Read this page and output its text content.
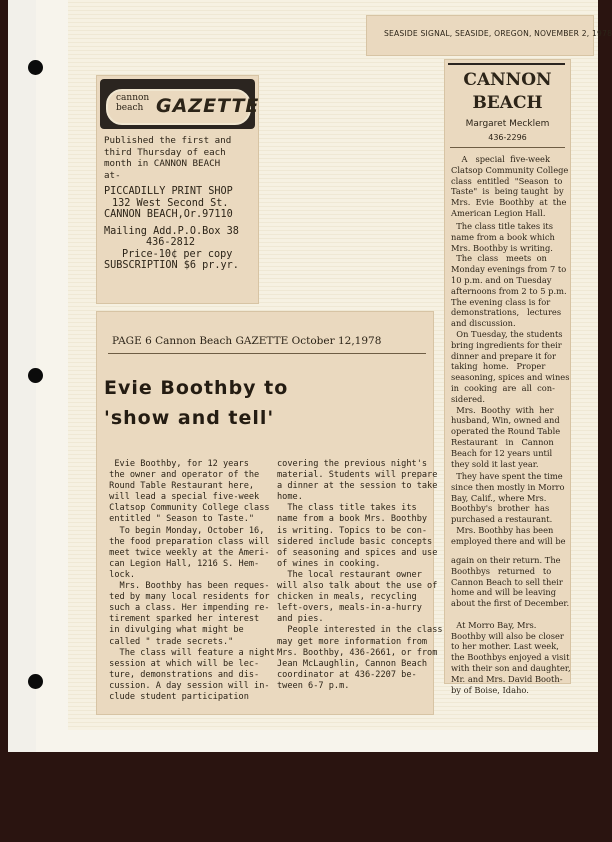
cannon
beach GAZETTE
Published the first and
third Thursday of each
month in CANNON BEACH
at-
PICCADILLY PRINT SHOP
132 West Second St.
CANNON BEACH,Or.97110
Mailing Add.P.O.Box 38
436-2812
Price-10¢ per copy
SUBSCRIPTION $6 pr.yr.
PAGE 6 Cannon Beach GAZETTE October 12,1978
Evie Boothby to
'show and tell'
Evie Boothby, for 12 years
the owner and operator of the
Round Table Restaurant here,
will lead a special five-week
Clatsop Community College class
entitled " Season to Taste."
To begin Monday, October 16,
the food preparation class will
meet twice weekly at the Ameri-
can Legion Hall, 1216 S. Hem-
lock.
Mrs. Boothby has been reques-
ted by many local residents for
such a class. Her impending re-
tirement sparked her interest
in divulging what might be
called " trade secrets."
The class will feature a night
session at which will be lec-
ture, demonstrations and dis-
cussion. A day session will in-
clude student participation
covering the previous night's
material. Students will prepare
a dinner at the session to take
home.
The class title takes its
name from a book Mrs. Boothby
is writing. Topics to be con-
sidered include basic concepts
of seasoning and spices and use
of wines in cooking.
The local restaurant owner
will also talk about the use of
chicken in meals, recycling
left-overs, meals-in-a-hurry
and pies.
People interested in the class
may get more information from
Mrs. Boothby, 436-2661, or from
Jean McLaughlin, Cannon Beach
coordinator at 436-2207 be-
tween 6-7 p.m.
SEASIDE SIGNAL, SEASIDE, OREGON, NOVEMBER 2, 1978
CANNON
BEACH
Margaret Mecklem
436-2296
A   special  five-week
Clatsop Community College
class  entitled  "Season  to
Taste"  is  being taught  by
Mrs.  Evie  Boothby  at  the
American Legion Hall.
The class title takes its
name from a book which
Mrs. Boothby is writing.
The  class   meets  on
Monday evenings from 7 to
10 p.m. and on Tuesday
afternoons from 2 to 5 p.m.
The evening class is for
demonstrations,   lectures
and discussion.
On Tuesday, the students
bring ingredients for their
dinner and prepare it for
taking  home.   Proper
seasoning, spices and wines
in  cooking  are  all  con-
sidered.
Mrs.  Boothy  with  her
husband, Win, owned and
operated the Round Table
Restaurant   in   Cannon
Beach for 12 years until
they sold it last year.
They have spent the time
since then mostly in Morro
Bay, Calif., where Mrs.
Boothby's  brother  has
purchased a restaurant.
Mrs. Boothby has been
employed there and will be
again on their return. The
Boothbys   returned   to
Cannon Beach to sell their
home and will be leaving
about the first of December.

At Morro Bay, Mrs.
Boothby will also be closer
to her mother. Last week,
the Boothbys enjoyed a visit
with their son and daughter,
Mr. and Mrs. David Booth-
by of Boise, Idaho.
